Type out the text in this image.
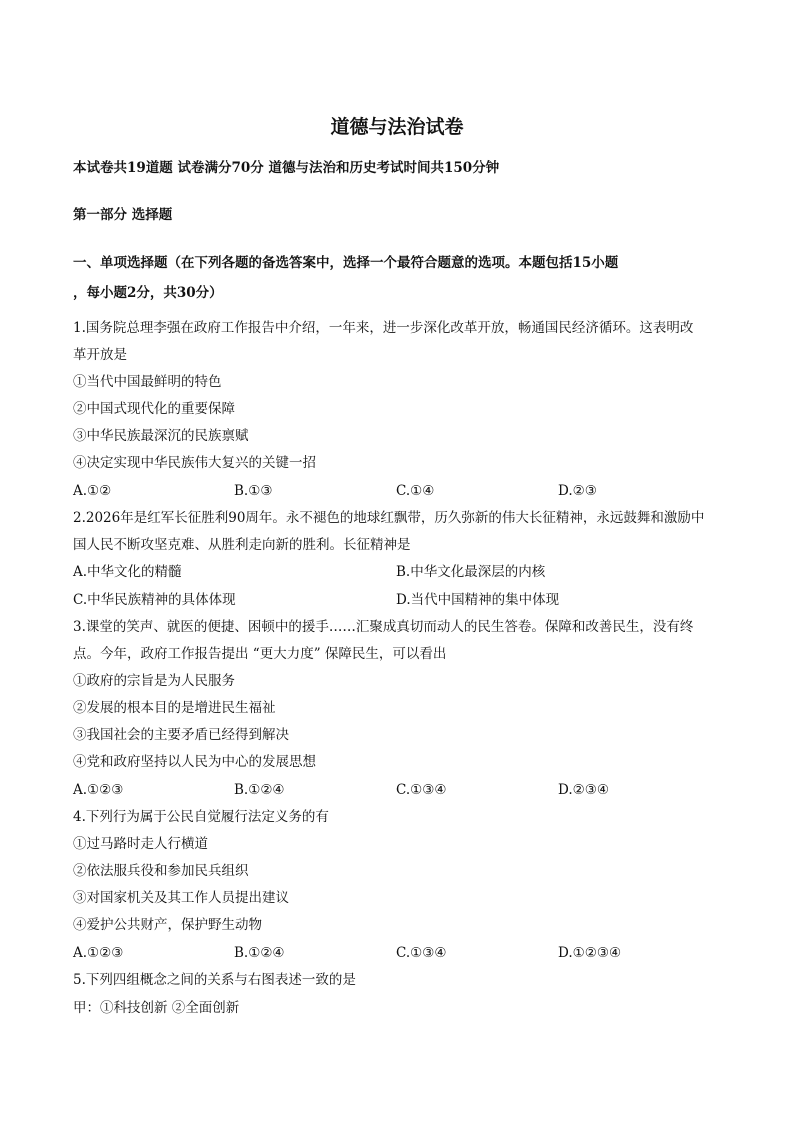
道德与法治试卷
本试卷共19道题 试卷满分70分 道德与法治和历史考试时间共150分钟
第一部分 选择题
一、单项选择题（在下列各题的备选答案中，选择一个最符合题意的选项。本题包括15小题
，每小题2分，共30分）
1.国务院总理李强在政府工作报告中介绍，一年来，进一步深化改革开放，畅通国民经济循环。这表明改
革开放是
①当代中国最鲜明的特色
②中国式现代化的重要保障
③中华民族最深沉的民族禀赋
④决定实现中华民族伟大复兴的关键一招
A.①②	B.①③	C.①④	D.②③
2.2026年是红军长征胜利90周年。永不褪色的地球红飘带，历久弥新的伟大长征精神，永远鼓舞和激励中
国人民不断攻坚克难、从胜利走向新的胜利。长征精神是
A.中华文化的精髓	B.中华文化最深层的内核
C.中华民族精神的具体体现	D.当代中国精神的集中体现
3.课堂的笑声、就医的便捷、困顿中的援手……汇聚成真切而动人的民生答卷。保障和改善民生，没有终
点。今年，政府工作报告提出 “更大力度” 保障民生，可以看出
①政府的宗旨是为人民服务
②发展的根本目的是增进民生福祉
③我国社会的主要矛盾已经得到解决
④党和政府坚持以人民为中心的发展思想
A.①②③	B.①②④	C.①③④	D.②③④
4.下列行为属于公民自觉履行法定义务的有
①过马路时走人行横道
②依法服兵役和参加民兵组织
③对国家机关及其工作人员提出建议
④爱护公共财产，保护野生动物
A.①②③	B.①②④	C.①③④	D.①②③④
5.下列四组概念之间的关系与右图表述一致的是
甲：①科技创新 ②全面创新
